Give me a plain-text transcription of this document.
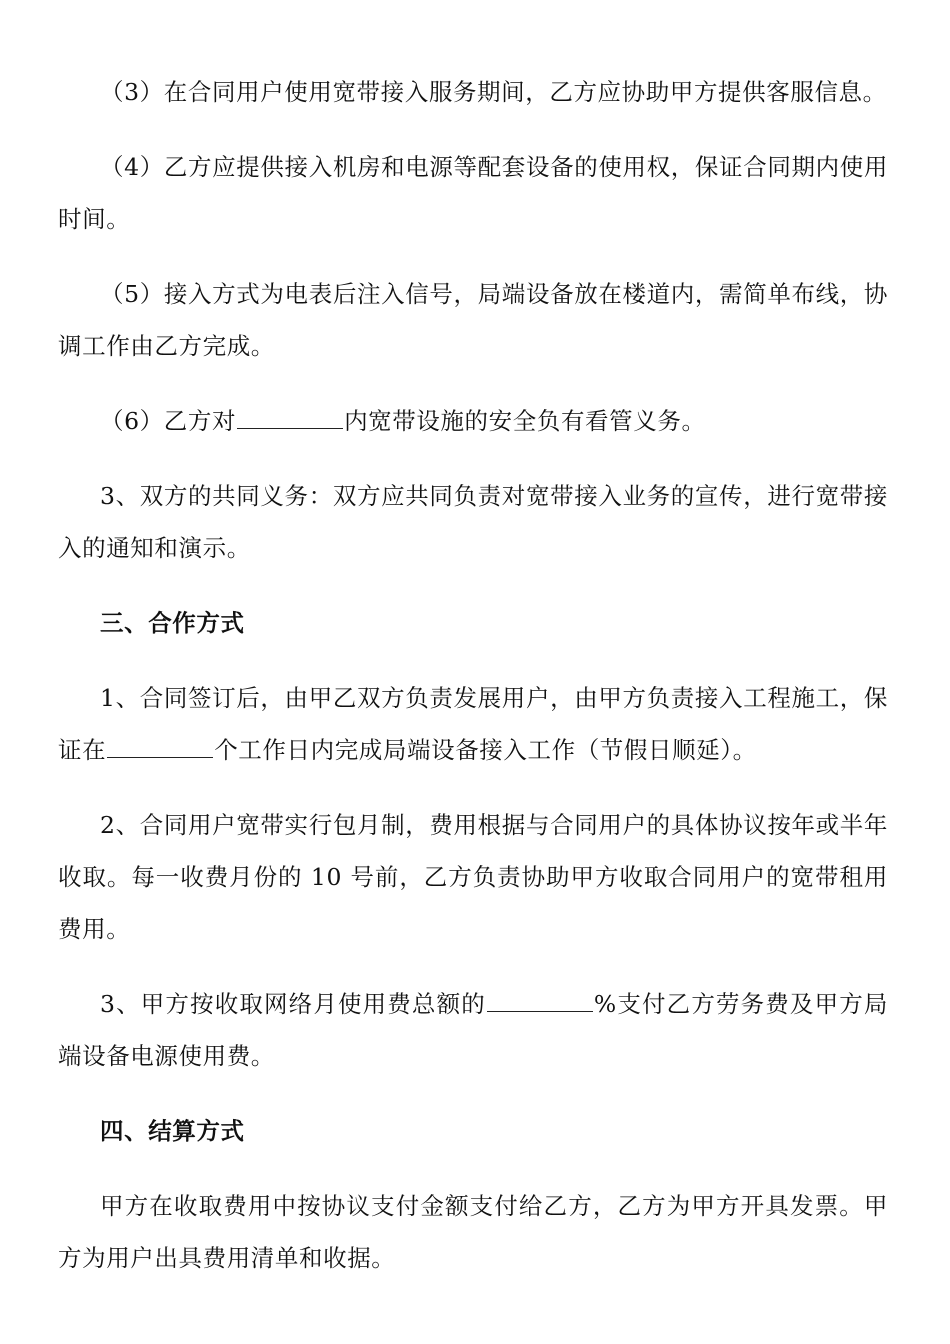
（3）在合同用户使用宽带接入服务期间，乙方应协助甲方提供客服信息。

（4）乙方应提供接入机房和电源等配套设备的使用权，保证合同期内使用时间。

（5）接入方式为电表后注入信号，局端设备放在楼道内，需简单布线，协调工作由乙方完成。

（6）乙方对	内宽带设施的安全负有看管义务。

3、双方的共同义务：双方应共同负责对宽带接入业务的宣传，进行宽带接入的通知和演示。

三、合作方式

1、合同签订后，由甲乙双方负责发展用户，由甲方负责接入工程施工，保证在	个工作日内完成局端设备接入工作（节假日顺延）。

2、合同用户宽带实行包月制，费用根据与合同用户的具体协议按年或半年收取。每一收费月份的 10 号前，乙方负责协助甲方收取合同用户的宽带租用费用。

3、甲方按收取网络月使用费总额的	%支付乙方劳务费及甲方局端设备电源使用费。

四、结算方式

甲方在收取费用中按协议支付金额支付给乙方，乙方为甲方开具发票。甲方为用户出具费用清单和收据。
